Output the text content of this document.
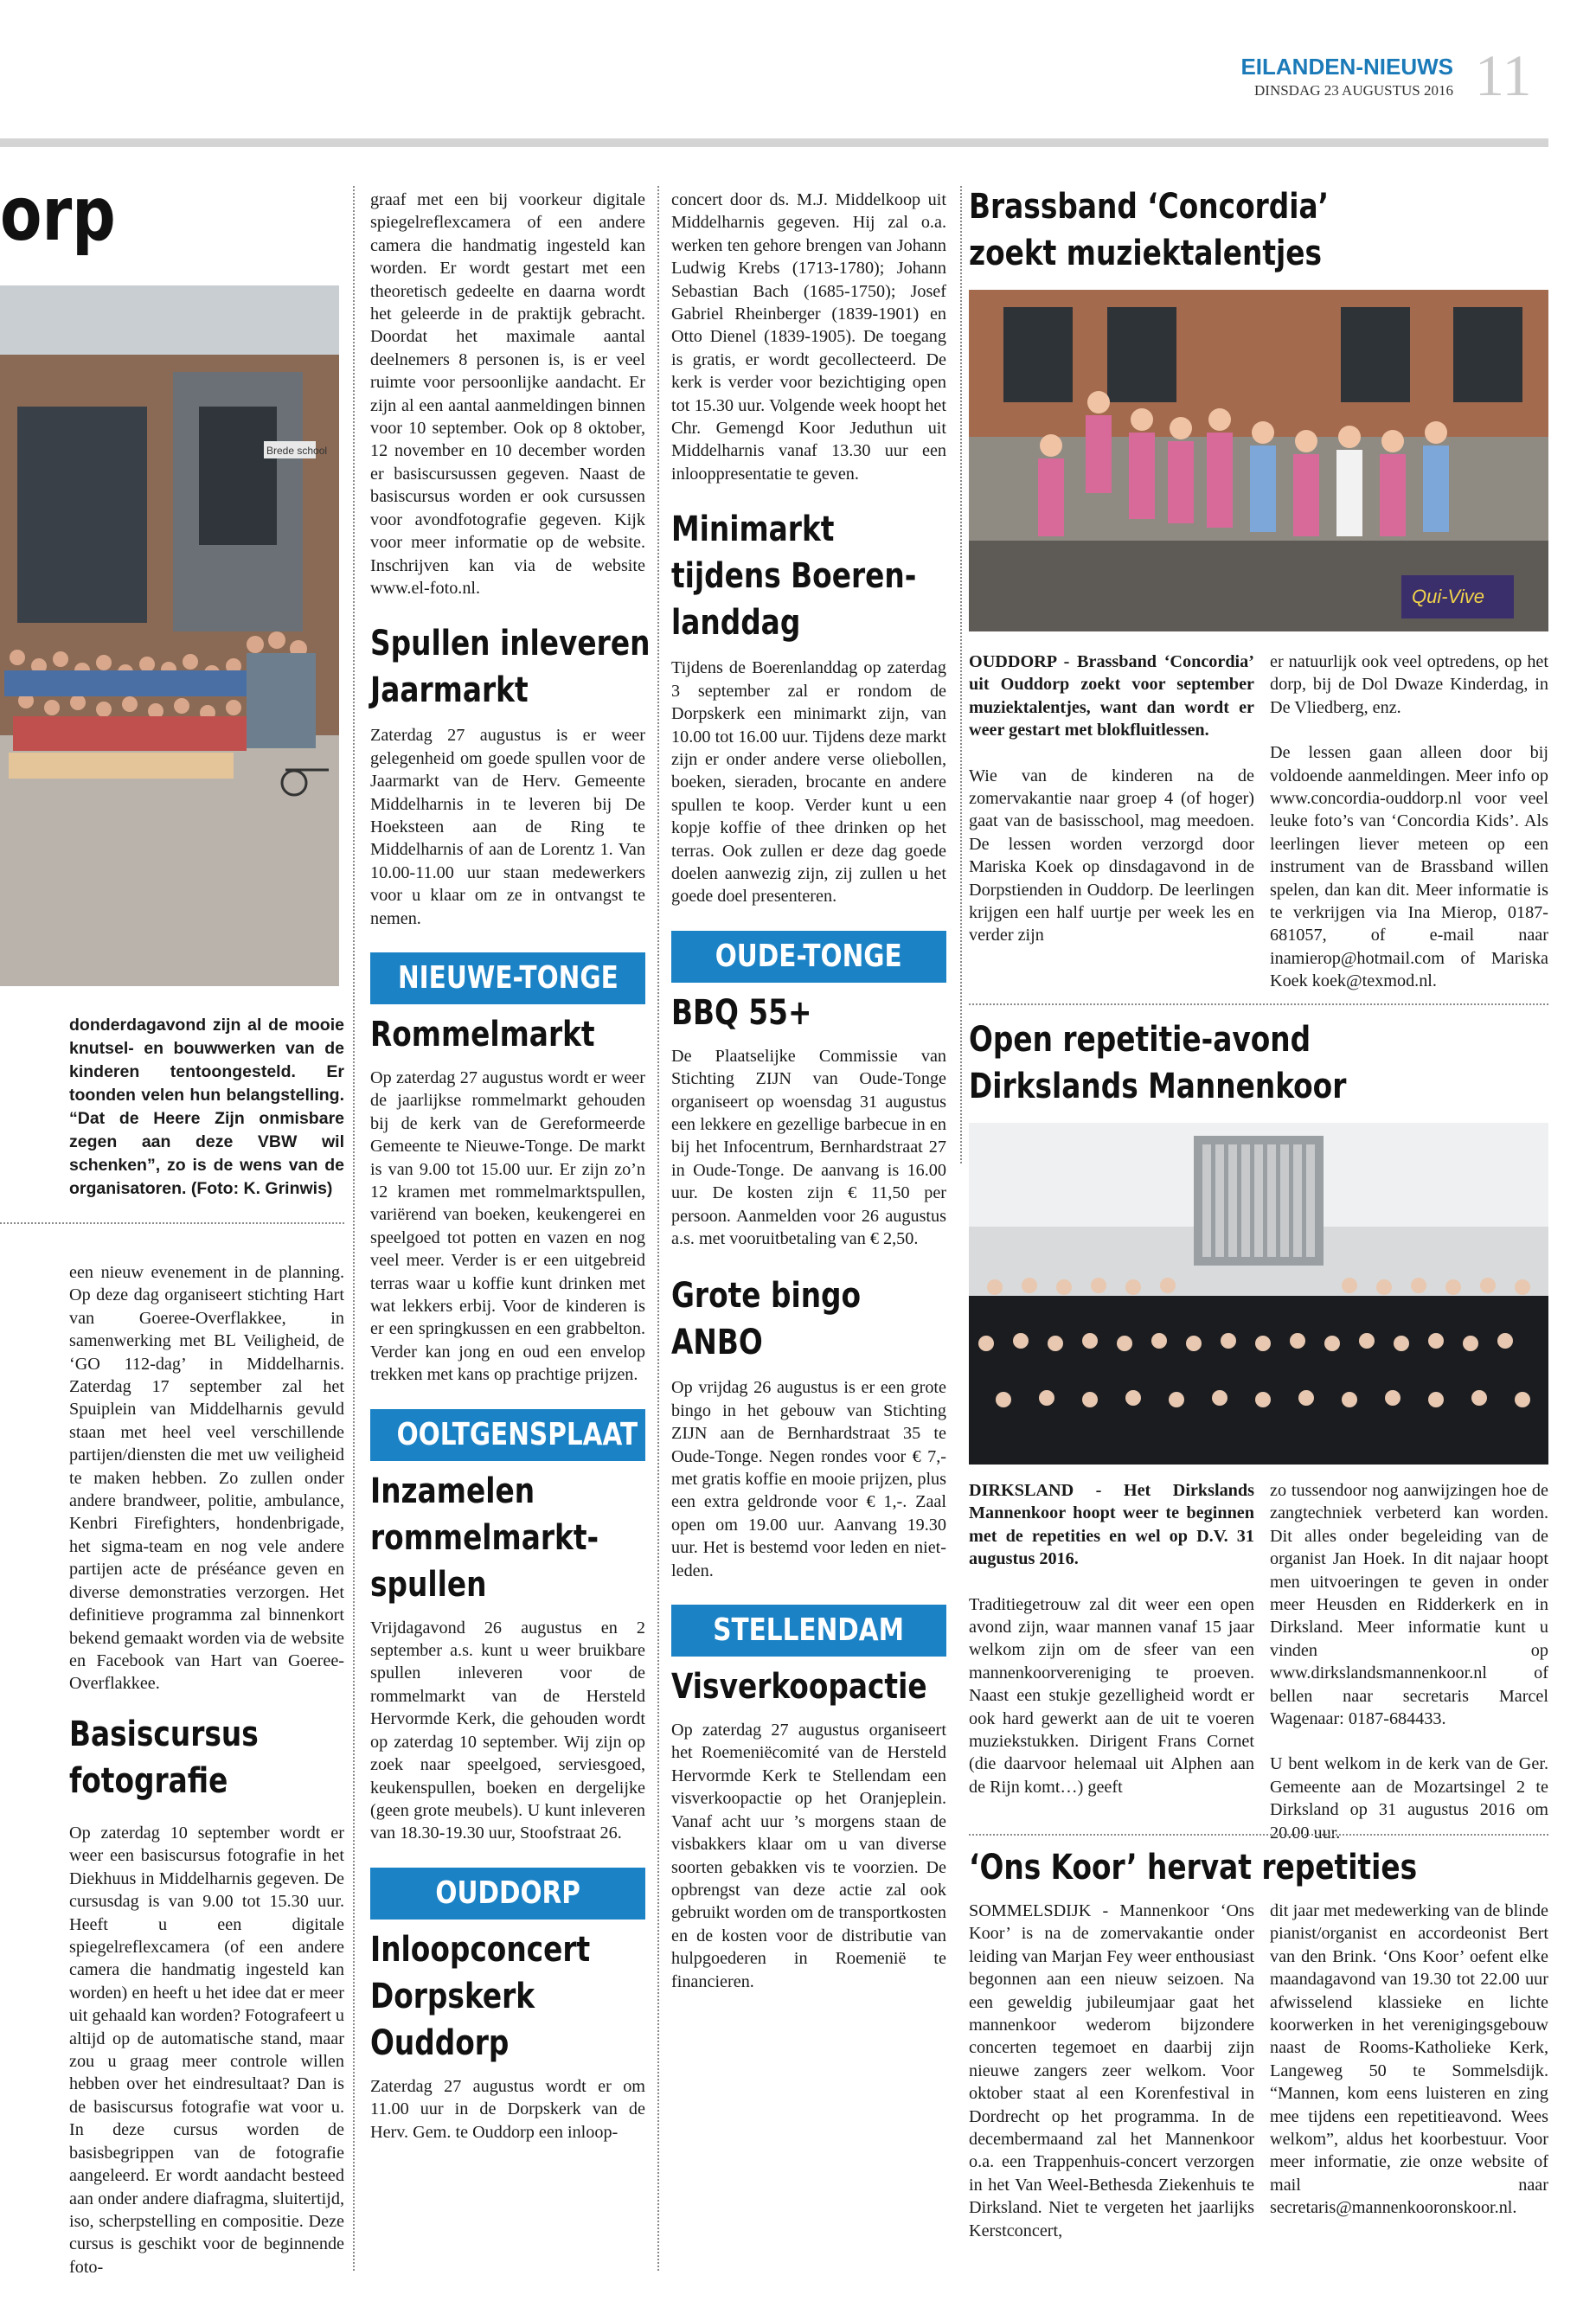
EILANDEN-NIEUWS
DINSDAG 23 AUGUSTUS 2016 11
orp
Brede school
donderdagavond zijn al de mooie knutsel- en bouwwerken van de kinderen tentoongesteld. Er toonden velen hun belangstelling. “Dat de Heere Zijn onmisbare zegen aan deze VBW wil schenken”, zo is de wens van de organisatoren. (Foto: K. Grinwis)

een nieuw evenement in de planning. Op deze dag organiseert stichting Hart van Goeree-Overflakkee, in samenwerking met BL Veiligheid, de ‘GO 112-dag’ in Middelharnis. Zaterdag 17 september zal het Spuiplein van Middelharnis gevuld staan met heel veel verschillende partijen/diensten die met uw veiligheid te maken hebben. Zo zullen onder andere brandweer, politie, ambulance, Kenbri Firefighters, hondenbrigade, het sigma-team en nog vele andere partijen acte de préséance geven en diverse demonstraties verzorgen. Het definitieve programma zal binnenkort bekend gemaakt worden via de website en Facebook van Hart van Goeree-Overflakkee.

Basiscursus
fotografie

Op zaterdag 10 september wordt er weer een basiscursus fotografie in het Diekhuus in Middelharnis gegeven. De cursusdag is van 9.00 tot 15.30 uur. Heeft u een digitale spiegelreflexcamera (of een andere camera die handmatig ingesteld kan worden) en heeft u het idee dat er meer uit gehaald kan worden? Fotografeert u altijd op de automatische stand, maar zou u graag meer controle willen hebben over het eindresultaat? Dan is de basiscursus fotografie wat voor u. In deze cursus worden de basisbegrippen van de fotografie aangeleerd. Er wordt aandacht besteed aan onder andere diafragma, sluitertijd, iso, scherpstelling en compositie. Deze cursus is geschikt voor de beginnende foto-

graaf met een bij voorkeur digitale spiegelreflexcamera of een andere camera die handmatig ingesteld kan worden. Er wordt gestart met een theoretisch gedeelte en daarna wordt het geleerde in de praktijk gebracht. Doordat het maximale aantal deelnemers 8 personen is, is er veel ruimte voor persoonlijke aandacht. Er zijn al een aantal aanmeldingen binnen voor 10 september. Ook op 8 oktober, 12 november en 10 december worden er basiscursussen gegeven. Naast de basiscursus worden er ook cursussen voor avondfotografie gegeven. Kijk voor meer informatie op de website. Inschrijven kan via de website www.el-foto.nl.

Spullen inleveren
Jaarmarkt

Zaterdag 27 augustus is er weer gelegenheid om goede spullen voor de Jaarmarkt van de Herv. Gemeente Middelharnis in te leveren bij De Hoeksteen aan de Ring te Middelharnis of aan de Lorentz 1. Van 10.00-11.00 uur staan medewerkers voor u klaar om ze in ontvangst te nemen.

NIEUWE-TONGE
Rommelmarkt

Op zaterdag 27 augustus wordt er weer de jaarlijkse rommelmarkt gehouden bij de kerk van de Gereformeerde Gemeente te Nieuwe-Tonge. De markt is van 9.00 tot 15.00 uur. Er zijn zo’n 12 kramen met rommelmarktspullen, variërend van boeken, keukengerei en speelgoed tot potten en vazen en nog veel meer. Verder is er een uitgebreid terras waar u koffie kunt drinken met wat lekkers erbij. Voor de kinderen is er een springkussen en een grabbelton. Verder kan jong en oud een envelop trekken met kans op prachtige prijzen.

OOLTGENSPLAAT
Inzamelen
rommelmarkt-
spullen

Vrijdagavond 26 augustus en 2 september a.s. kunt u weer bruikbare spullen inleveren voor de rommelmarkt van de Hersteld Hervormde Kerk, die gehouden wordt op zaterdag 10 september. Wij zijn op zoek naar speelgoed, serviesgoed, keukenspullen, boeken en dergelijke (geen grote meubels). U kunt inleveren van 18.30-19.30 uur, Stoofstraat 26.

OUDDORP
Inloopconcert
Dorpskerk
Ouddorp

Zaterdag 27 augustus wordt er om 11.00 uur in de Dorpskerk van de Herv. Gem. te Ouddorp een inloop-

concert door ds. M.J. Middelkoop uit Middelharnis gegeven. Hij zal o.a. werken ten gehore brengen van Johann Ludwig Krebs (1713-1780); Johann Sebastian Bach (1685-1750); Josef Gabriel Rheinberger (1839-1901) en Otto Dienel (1839-1905). De toegang is gratis, er wordt gecollecteerd. De kerk is verder voor bezichtiging open tot 15.30 uur. Volgende week hoopt het Chr. Gemengd Koor Jeduthun uit Middelharnis vanaf 13.30 uur een inlooppresentatie te geven.

Minimarkt
tijdens Boeren-
landdag

Tijdens de Boerenlanddag op zaterdag 3 september zal er rondom de Dorpskerk een minimarkt zijn, van 10.00 tot 16.00 uur. Tijdens deze markt zijn er onder andere verse oliebollen, boeken, sieraden, brocante en andere spullen te koop. Verder kunt u een kopje koffie of thee drinken op het terras. Ook zullen er deze dag goede doelen aanwezig zijn, zij zullen u het goede doel presenteren.

OUDE-TONGE
BBQ 55+

De Plaatselijke Commissie van Stichting ZIJN van Oude-Tonge organiseert op woensdag 31 augustus een lekkere en gezellige barbecue in en bij het Infocentrum, Bernhardstraat 27 in Oude-Tonge. De aanvang is 16.00 uur. De kosten zijn € 11,50 per persoon. Aanmelden voor 26 augustus a.s. met vooruitbetaling van € 2,50.

Grote bingo
ANBO

Op vrijdag 26 augustus is er een grote bingo in het gebouw van Stichting ZIJN aan de Bernhardstraat 35 te Oude-Tonge. Negen rondes voor € 7,- met gratis koffie en mooie prijzen, plus een extra geldronde voor € 1,-. Zaal open om 19.00 uur. Aanvang 19.30 uur. Het is bestemd voor leden en niet-leden.

STELLENDAM
Visverkoopactie

Op zaterdag 27 augustus organiseert het Roemeniëcomité van de Hersteld Hervormde Kerk te Stellendam een visverkoopactie op het Oranjeplein. Vanaf acht uur ’s morgens staan de visbakkers klaar om u van diverse soorten gebakken vis te voorzien. De opbrengst van deze actie zal ook gebruikt worden om de transportkosten en de kosten voor de distributie van hulpgoederen in Roemenië te financieren.

Brassband ‘Concordia’
zoekt muziektalentjes
Qui-Vive

OUDDORP - Brassband ‘Concordia’ uit Ouddorp zoekt voor september muziektalentjes, want dan wordt er weer gestart met blokfluitlessen.

Wie van de kinderen na de zomervakantie naar groep 4 (of hoger) gaat van de basisschool, mag meedoen. De lessen worden verzorgd door Mariska Koek op dinsdagavond in de Dorpstienden in Ouddorp. De leerlingen krijgen een half uurtje per week les en verder zijn

er natuurlijk ook veel optredens, op het dorp, bij de Dol Dwaze Kinderdag, in De Vliedberg, enz.

De lessen gaan alleen door bij voldoende aanmeldingen. Meer info op www.concordia-ouddorp.nl voor veel leuke foto’s van ‘Concordia Kids’. Als leerlingen liever meteen op een instrument van de Brassband willen spelen, dan kan dit. Meer informatie is te verkrijgen via Ina Mierop, 0187-681057, of e-mail naar inamierop@hotmail.com of Mariska Koek koek@texmod.nl.

Open repetitie-avond
Dirkslands Mannenkoor

DIRKSLAND - Het Dirkslands Mannenkoor hoopt weer te beginnen met de repetities en wel op D.V. 31 augustus 2016.

Traditiegetrouw zal dit weer een open avond zijn, waar mannen vanaf 15 jaar welkom zijn om de sfeer van een mannenkoorvereniging te proeven. Naast een stukje gezelligheid wordt er ook hard gewerkt aan de uit te voeren muziekstukken. Dirigent Frans Cornet (die daarvoor helemaal uit Alphen aan de Rijn komt…) geeft

zo tussendoor nog aanwijzingen hoe de zangtechniek verbeterd kan worden. Dit alles onder begeleiding van de organist Jan Hoek. In dit najaar hoopt men uitvoeringen te geven in onder meer Heusden en Ridderkerk en in Dirksland. Meer informatie kunt u vinden op www.dirkslandsmannenkoor.nl of bellen naar secretaris Marcel Wagenaar: 0187-684433.

U bent welkom in de kerk van de Ger. Gemeente aan de Mozartsingel 2 te Dirksland op 31 augustus 2016 om 20.00 uur.

‘Ons Koor’ hervat repetities

SOMMELSDIJK - Mannenkoor ‘Ons Koor’ is na de zomervakantie onder leiding van Marjan Fey weer enthousiast begonnen aan een nieuw seizoen. Na een geweldig jubileumjaar gaat het mannenkoor wederom bijzondere concerten tegemoet en daarbij zijn nieuwe zangers zeer welkom. Voor oktober staat al een Korenfestival in Dordrecht op het programma. In de decembermaand zal het Mannenkoor o.a. een Trappenhuis-concert verzorgen in het Van Weel-Bethesda Ziekenhuis te Dirksland. Niet te vergeten het jaarlijks Kerstconcert,

dit jaar met medewerking van de blinde pianist/organist en accordeonist Bert van den Brink. ‘Ons Koor’ oefent elke maandagavond van 19.30 tot 22.00 uur afwisselend klassieke en lichte koorwerken in het verenigingsgebouw naast de Rooms-Katholieke Kerk, Langeweg 50 te Sommelsdijk. “Mannen, kom eens luisteren en zing mee tijdens een repetitieavond. Wees welkom”, aldus het koorbestuur. Voor meer informatie, zie onze website of mail naar secretaris@mannenkooronskoor.nl.
